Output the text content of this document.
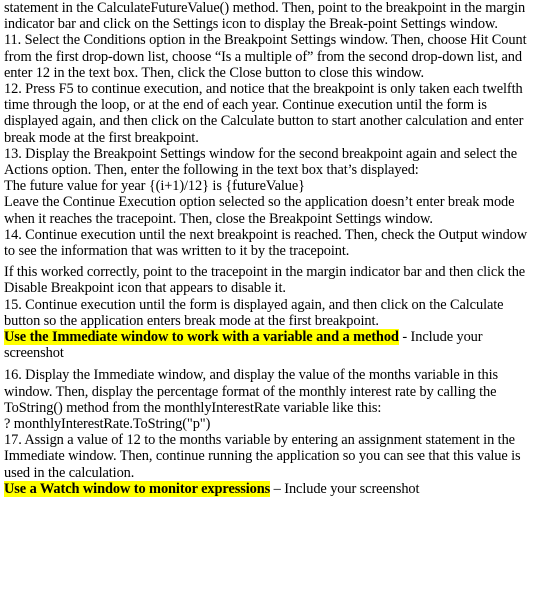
statement in the CalculateFutureValue() method. Then, point to the breakpoint in the margin indicator bar and click on the Settings icon to display the Break-point Settings window.

11. Select the Conditions option in the Breakpoint Settings window. Then, choose Hit Count from the first drop-down list, choose “Is a multiple of” from the second drop-down list, and enter 12 in the text box. Then, click the Close button to close this window.

12. Press F5 to continue execution, and notice that the breakpoint is only taken each twelfth time through the loop, or at the end of each year. Continue execution until the form is displayed again, and then click on the Calculate button to start another calculation and enter break mode at the first breakpoint.

13. Display the Breakpoint Settings window for the second breakpoint again and select the Actions option. Then, enter the following in the text box that’s displayed:

The future value for year {(i+1)/12} is {futureValue}

Leave the Continue Execution option selected so the application doesn’t enter break mode when it reaches the tracepoint. Then, close the Breakpoint Settings window.

14. Continue execution until the next breakpoint is reached. Then, check the Output window to see the information that was written to it by the tracepoint.

If this worked correctly, point to the tracepoint in the margin indicator bar and then click the Disable Breakpoint icon that appears to disable it.

15. Continue execution until the form is displayed again, and then click on the Calculate button so the application enters break mode at the first breakpoint.

Use the Immediate window to work with a variable and a method - Include your screenshot

16. Display the Immediate window, and display the value of the months variable in this window. Then, display the percentage format of the monthly interest rate by calling the ToString() method from the monthlyInterestRate variable like this:

? monthlyInterestRate.ToString("p")

17. Assign a value of 12 to the months variable by entering an assignment statement in the Immediate window. Then, continue running the application so you can see that this value is used in the calculation.

Use a Watch window to monitor expressions – Include your screenshot
